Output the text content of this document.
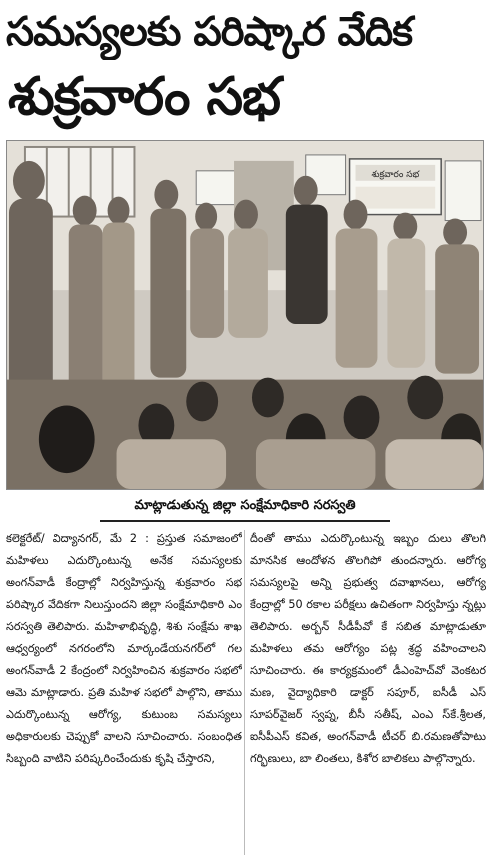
సమస్యలకు పరిష్కార వేదిక
శుక్రవారం సభ
శుక్రవారం సభ
మాట్లాడుతున్న జిల్లా సంక్షేమాధికారి సరస్వతి

కలెక్టరేట్/ విద్యానగర్, మే 2 : ప్రస్తుత సమాజంలో మహిళలు ఎదుర్కొంటున్న అనేక సమస్యలకు అంగన్‌వాడీ కేంద్రాల్లో నిర్వహిస్తున్న శుక్రవారం సభ పరిష్కార వేదికగా నిలుస్తుందని జిల్లా సంక్షేమాధికారి ఎం సరస్వతి తెలిపారు. మహిళాభివృద్ధి, శిశు సంక్షేమ శాఖ ఆధ్వర్యంలో నగరంలోని మార్కండేయనగర్‌లో గల అంగన్‌వాడీ 2 కేంద్రంలో నిర్వహించిన శుక్రవారం సభలో ఆమె మాట్లాడారు. ప్రతి మహిళ సభలో పాల్గొని, తాము ఎదుర్కొంటున్న ఆరోగ్య, కుటుంబ సమస్యలు అధికారులకు చెప్పుకో వాలని సూచించారు. సంబంధిత సిబ్బంది వాటిని పరిష్కరించేందుకు కృషి చేస్తారని,

దీంతో తాము ఎదుర్కొంటున్న ఇబ్బం దులు తొలగి మానసిక ఆందోళన తొలగిపో తుందన్నారు. ఆరోగ్య సమస్యలపై అన్ని ప్రభుత్వ దవాఖానలు, ఆరోగ్య కేంద్రాల్లో 50 రకాల పరీక్షలు ఉచితంగా నిర్వహిస్తు న్నట్లు తెలిపారు. అర్బన్ సీడీపీవో కే సబిత మాట్లాడుతూ మహిళలు తమ ఆరోగ్యం పట్ల శ్రద్ధ వహించాలని సూచించారు. ఈ కార్యక్రమంలో డీఎంహెచ్‌వో వెంకటర మణ, వైద్యాధికారి డాక్టర్ సపూర్, ఐసీడీ ఎస్ సూపర్‌వైజర్ స్వప్న, బీసీ సతీష్, ఎంఎ స్‌కే.శ్రీలత, ఐసీపీఎస్ కవిత, అంగన్‌వాడీ టీచర్ బి.రమణతోపాటు గర్భిణులు, బా లింతలు, కిశోర బాలికలు పాల్గొన్నారు.
